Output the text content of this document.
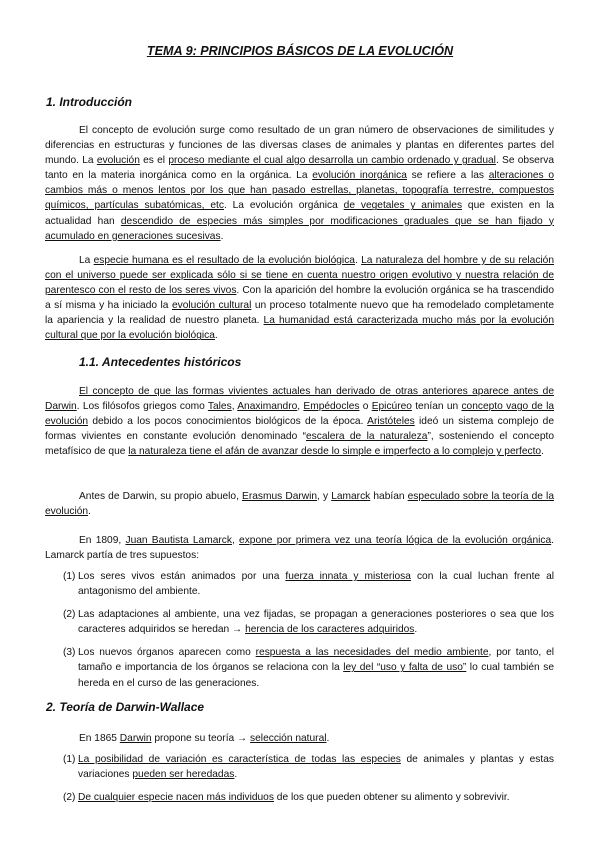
TEMA 9: PRINCIPIOS BÁSICOS DE LA EVOLUCIÓN
1. Introducción

El concepto de evolución surge como resultado de un gran número de observaciones de similitudes y diferencias en estructuras y funciones de las diversas clases de animales y plantas en diferentes partes del mundo. La evolución es el proceso mediante el cual algo desarrolla un cambio ordenado y gradual. Se observa tanto en la materia inorgánica como en la orgánica. La evolución inorgánica se refiere a las alteraciones o cambios más o menos lentos por los que han pasado estrellas, planetas, topografía terrestre, compuestos químicos, partículas subatómicas, etc. La evolución orgánica de vegetales y animales que existen en la actualidad han descendido de especies más simples por modificaciones graduales que se han fijado y acumulado en generaciones sucesivas.

La especie humana es el resultado de la evolución biológica. La naturaleza del hombre y de su relación con el universo puede ser explicada sólo si se tiene en cuenta nuestro origen evolutivo y nuestra relación de parentesco con el resto de los seres vivos. Con la aparición del hombre la evolución orgánica se ha trascendido a sí misma y ha iniciado la evolución cultural un proceso totalmente nuevo que ha remodelado completamente la apariencia y la realidad de nuestro planeta. La humanidad está caracterizada mucho más por la evolución cultural que por la evolución biológica.

1.1. Antecedentes históricos

El concepto de que las formas vivientes actuales han derivado de otras anteriores aparece antes de Darwin. Los filósofos griegos como Tales, Anaximandro, Empédocles o Epicúreo tenían un concepto vago de la evolución debido a los pocos conocimientos biológicos de la época. Aristóteles ideó un sistema complejo de formas vivientes en constante evolución denominado “escalera de la naturaleza”, sosteniendo el concepto metafísico de que la naturaleza tiene el afán de avanzar desde lo simple e imperfecto a lo complejo y perfecto.

Antes de Darwin, su propio abuelo, Erasmus Darwin, y Lamarck habían especulado sobre la teoría de la evolución.

En 1809, Juan Bautista Lamarck, expone por primera vez una teoría lógica de la evolución orgánica. Lamarck partía de tres supuestos:

(1) Los seres vivos están animados por una fuerza innata y misteriosa con la cual luchan frente al antagonismo del ambiente.
(2) Las adaptaciones al ambiente, una vez fijadas, se propagan a generaciones posteriores o sea que los caracteres adquiridos se heredan → herencia de los caracteres adquiridos.
(3) Los nuevos órganos aparecen como respuesta a las necesidades del medio ambiente, por tanto, el tamaño e importancia de los órganos se relaciona con la ley del “uso y falta de uso” lo cual también se hereda en el curso de las generaciones.
2. Teoría de Darwin-Wallace

En 1865 Darwin propone su teoría → selección natural.

(1) La posibilidad de variación es característica de todas las especies de animales y plantas y estas variaciones pueden ser heredadas.
(2) De cualquier especie nacen más individuos de los que pueden obtener su alimento y sobrevivir.
